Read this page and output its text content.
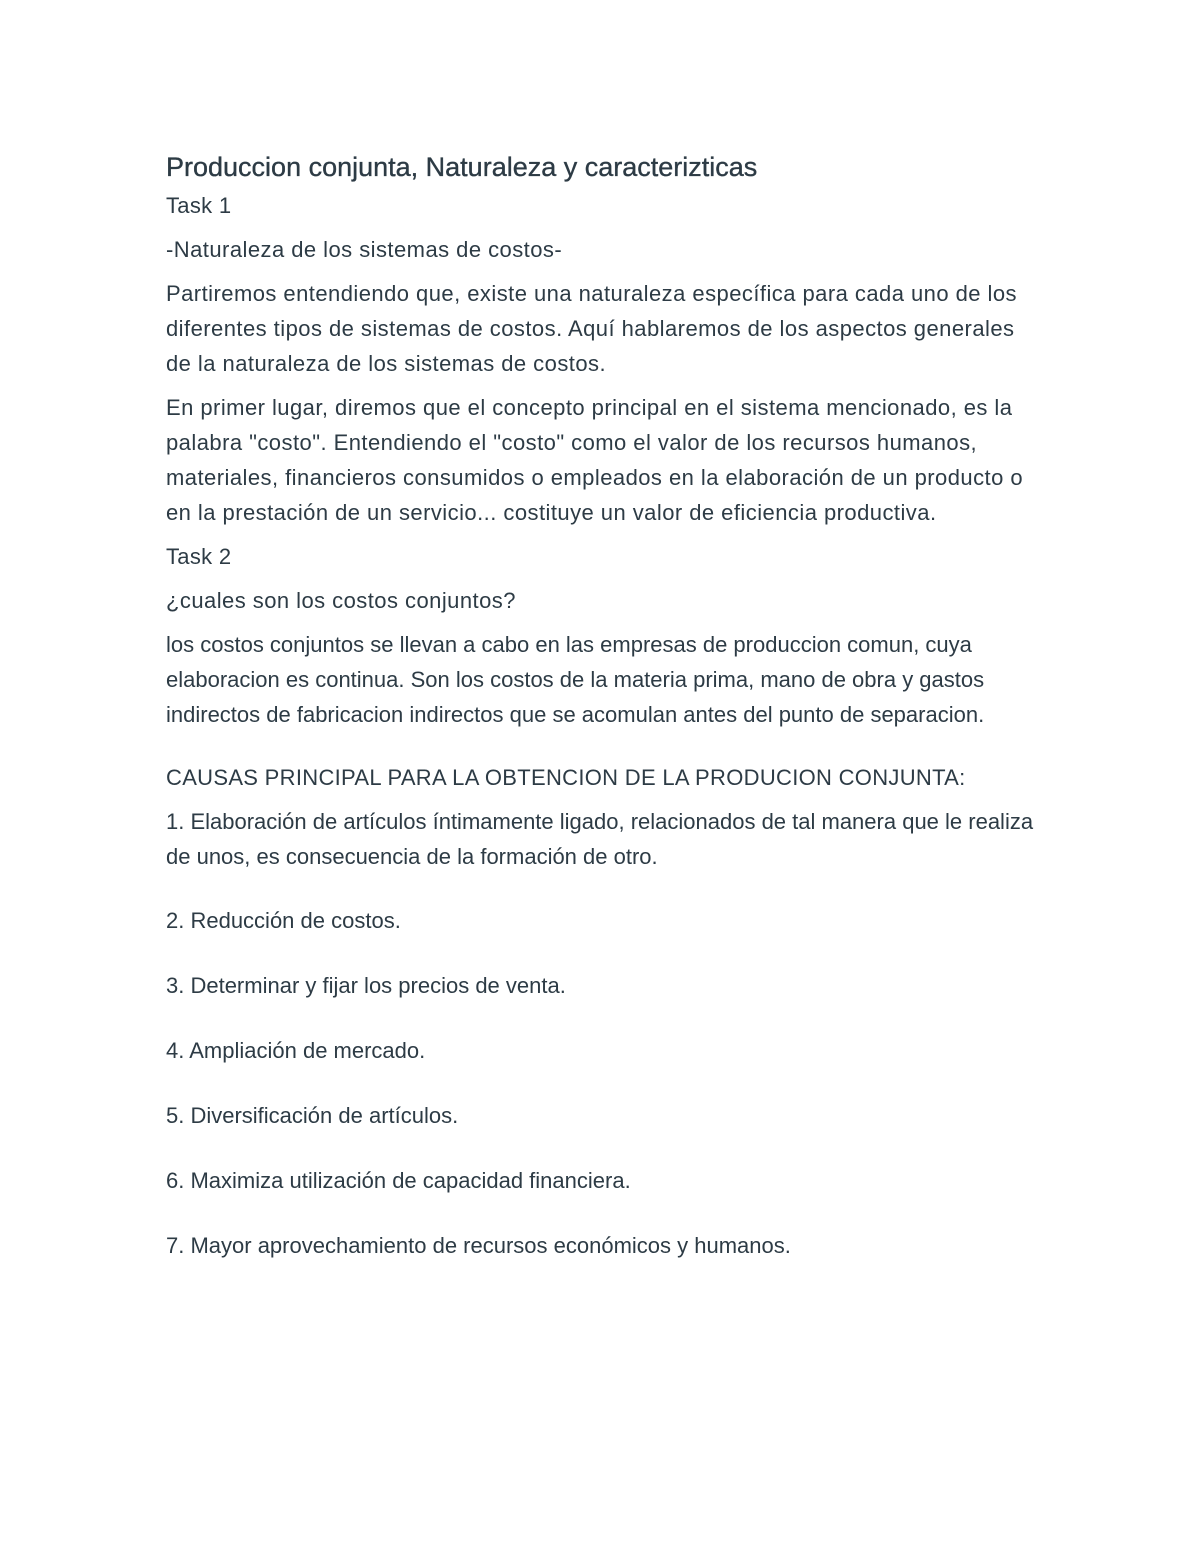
Produccion conjunta, Naturaleza y caracterizticas
Task 1
-Naturaleza de los sistemas de costos-
Partiremos entendiendo que, existe una naturaleza específica para cada uno de los diferentes tipos de sistemas de costos. Aquí hablaremos de los aspectos generales de la naturaleza de los sistemas de costos.
En primer lugar, diremos que el concepto principal en el sistema mencionado, es la palabra "costo". Entendiendo el "costo" como el valor de los recursos humanos, materiales, financieros consumidos o empleados en la elaboración de un producto o en la prestación de un servicio... costituye un valor de eficiencia productiva.
Task 2
¿cuales son los costos conjuntos?
los costos conjuntos se llevan a cabo en las empresas de produccion comun, cuya elaboracion es continua. Son los costos de la materia prima, mano de obra y gastos indirectos de fabricacion indirectos que se acomulan antes del punto de separacion.
CAUSAS PRINCIPAL PARA LA OBTENCION DE LA PRODUCION CONJUNTA:
1. Elaboración de artículos íntimamente ligado, relacionados de tal manera que le realiza de unos, es consecuencia de la formación de otro.
2. Reducción de costos.
3. Determinar y fijar los precios de venta.
4. Ampliación de mercado.
5. Diversificación de artículos.
6. Maximiza utilización de capacidad financiera.
7. Mayor aprovechamiento de recursos económicos y humanos.
